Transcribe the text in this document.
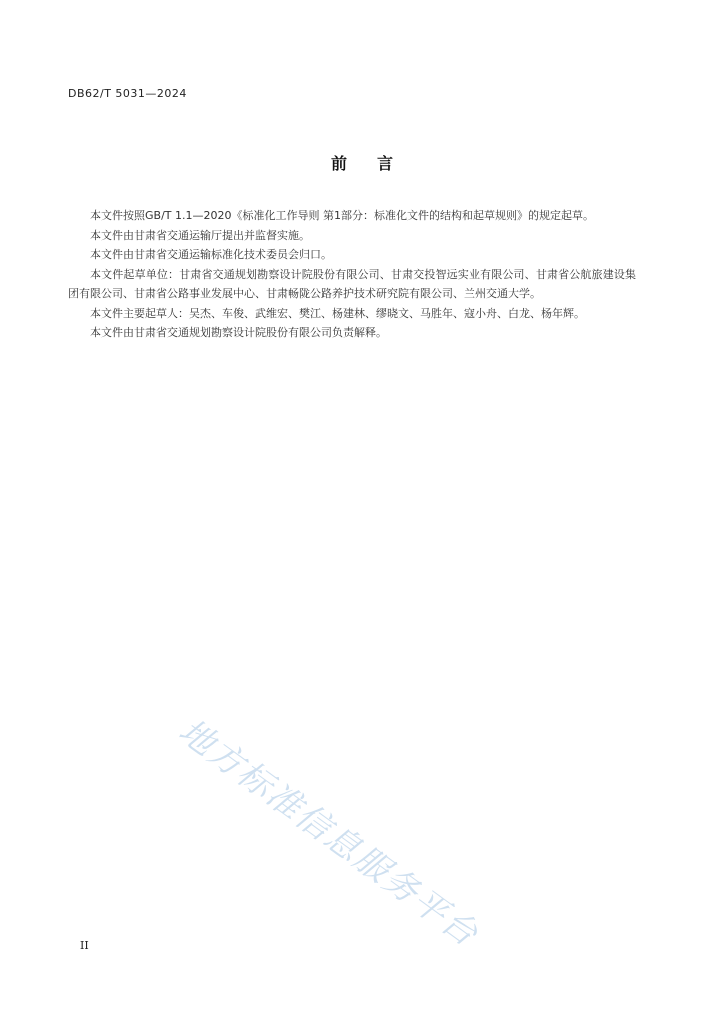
DB62/T 5031—2024
前言

本文件按照GB/T 1.1—2020《标准化工作导则 第1部分：标准化文件的结构和起草规则》的规定起草。

本文件由甘肃省交通运输厅提出并监督实施。

本文件由甘肃省交通运输标准化技术委员会归口。

本文件起草单位：甘肃省交通规划勘察设计院股份有限公司、甘肃交投智远实业有限公司、甘肃省公航旅建设集团有限公司、甘肃省公路事业发展中心、甘肃畅陇公路养护技术研究院有限公司、兰州交通大学。

本文件主要起草人：吴杰、车俊、武维宏、樊江、杨建林、缪晓文、马胜年、寇小舟、白龙、杨年辉。

本文件由甘肃省交通规划勘察设计院股份有限公司负责解释。

地方标准信息服务平台
II
